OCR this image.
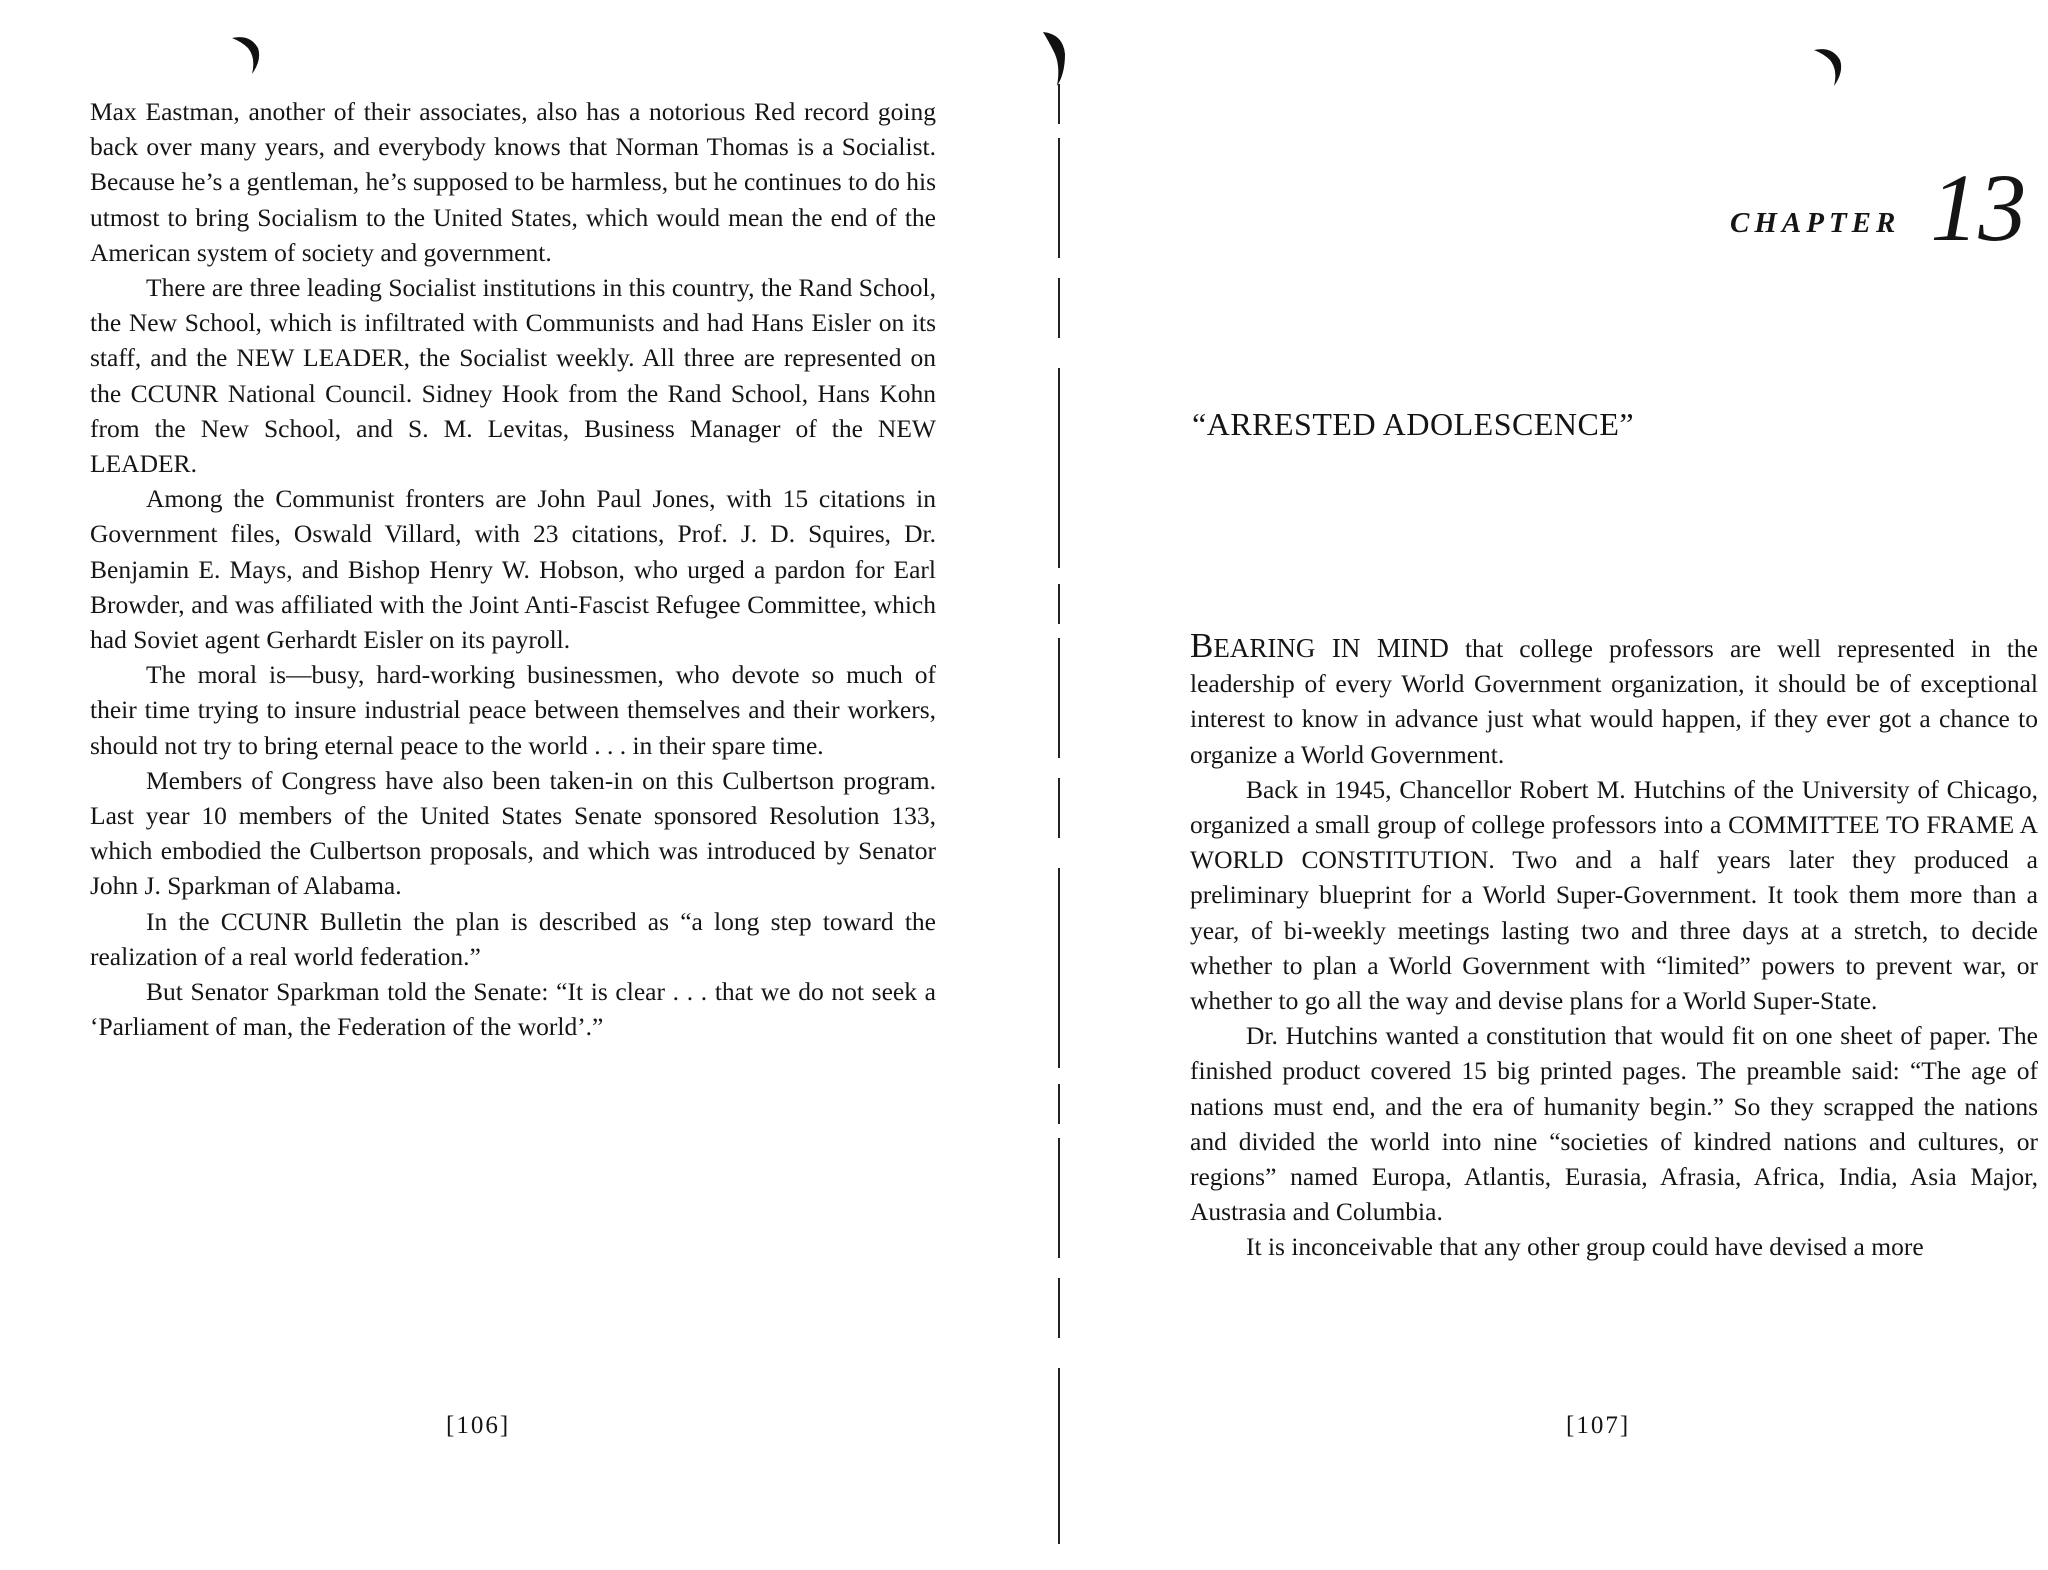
Max Eastman, another of their associates, also has a notorious Red record going back over many years, and everybody knows that Norman Thomas is a Socialist. Because he’s a gentleman, he’s supposed to be harmless, but he continues to do his utmost to bring Socialism to the United States, which would mean the end of the American system of society and government.

There are three leading Socialist institutions in this country, the Rand School, the New School, which is infiltrated with Communists and had Hans Eisler on its staff, and the NEW LEADER, the Socialist weekly. All three are represented on the CCUNR National Council. Sidney Hook from the Rand School, Hans Kohn from the New School, and S. M. Levitas, Business Manager of the NEW LEADER.

Among the Communist fronters are John Paul Jones, with 15 citations in Government files, Oswald Villard, with 23 citations, Prof. J. D. Squires, Dr. Benjamin E. Mays, and Bishop Henry W. Hobson, who urged a pardon for Earl Browder, and was affiliated with the Joint Anti-Fascist Refugee Committee, which had Soviet agent Gerhardt Eisler on its payroll.

The moral is—busy, hard-working businessmen, who devote so much of their time trying to insure industrial peace between themselves and their workers, should not try to bring eternal peace to the world . . . in their spare time.

Members of Congress have also been taken-in on this Culbertson program. Last year 10 members of the United States Senate sponsored Resolution 133, which embodied the Culbertson proposals, and which was introduced by Senator John J. Sparkman of Alabama.

In the CCUNR Bulletin the plan is described as “a long step toward the realization of a real world federation.”

But Senator Sparkman told the Senate: “It is clear . . . that we do not seek a ‘Parliament of man, the Federation of the world’.”

[106]
CHAPTER 13
“ARRESTED ADOLESCENCE”

BEARING IN MIND that college professors are well represented in the leadership of every World Government organization, it should be of exceptional interest to know in advance just what would happen, if they ever got a chance to organize a World Government.

Back in 1945, Chancellor Robert M. Hutchins of the University of Chicago, organized a small group of college professors into a COMMITTEE TO FRAME A WORLD CONSTITUTION. Two and a half years later they produced a preliminary blueprint for a World Super-Government. It took them more than a year, of bi-weekly meetings lasting two and three days at a stretch, to decide whether to plan a World Government with “limited” powers to prevent war, or whether to go all the way and devise plans for a World Super-State.

Dr. Hutchins wanted a constitution that would fit on one sheet of paper. The finished product covered 15 big printed pages. The preamble said: “The age of nations must end, and the era of humanity begin.” So they scrapped the nations and divided the world into nine “societies of kindred nations and cultures, or regions” named Europa, Atlantis, Eurasia, Afrasia, Africa, India, Asia Major, Austrasia and Columbia.

It is inconceivable that any other group could have devised a more

[107]
